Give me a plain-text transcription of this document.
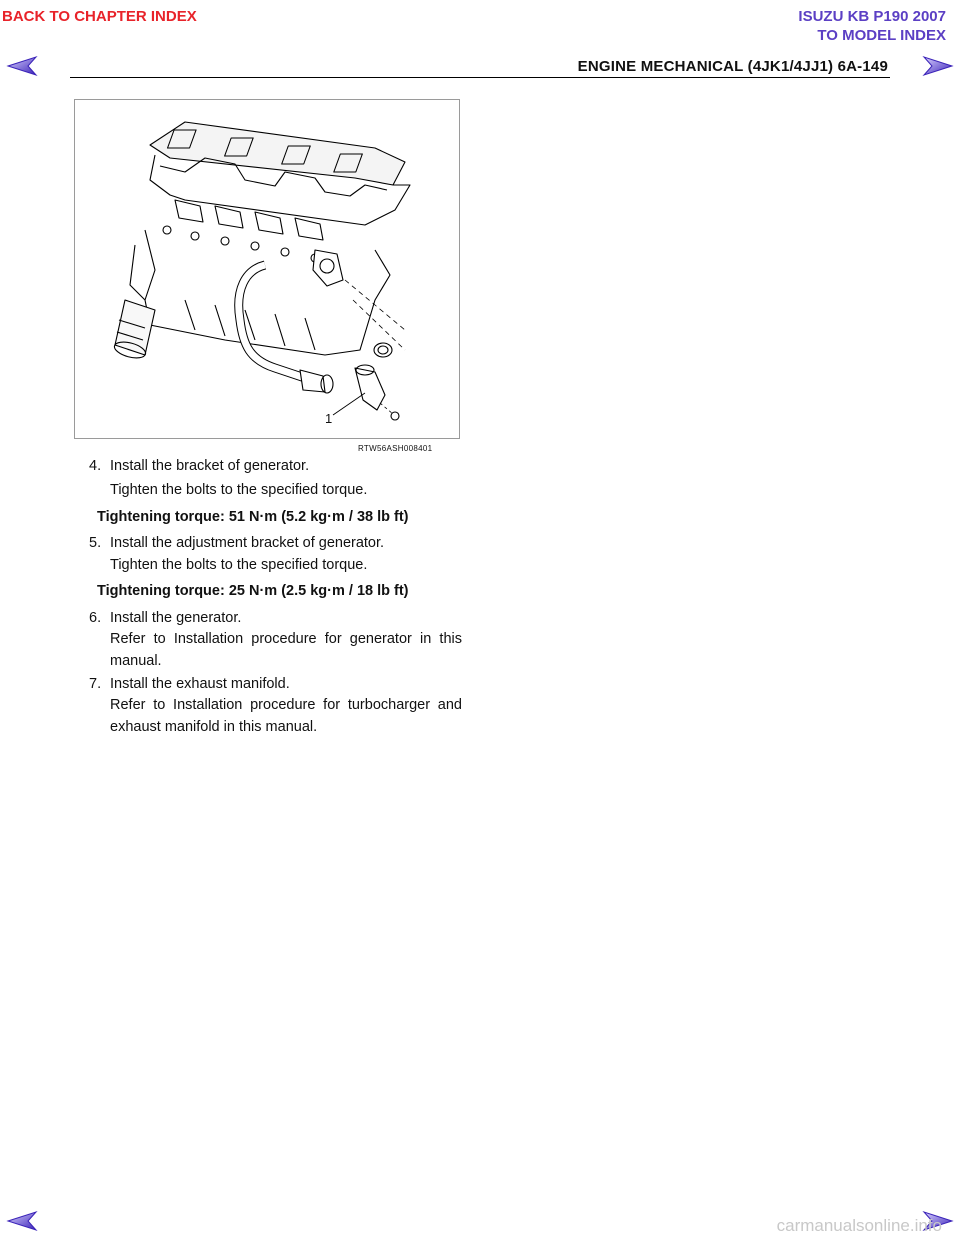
BACK TO CHAPTER INDEX	ISUZU KB P190 2007
TO MODEL INDEX
ENGINE MECHANICAL (4JK1/4JJ1) 6A-149
1
RTW56ASH008401
4. Install the bracket of generator.
Tighten the bolts to the specified torque.
Tightening torque: 51 N·m (5.2 kg·m / 38 lb ft)
5. Install the adjustment bracket of generator.
Tighten the bolts to the specified torque.
Tightening torque: 25 N·m (2.5 kg·m / 18 lb ft)
6. Install the generator.
Refer to Installation procedure for generator in this manual.
7. Install the exhaust manifold.
Refer to Installation procedure for turbocharger and exhaust manifold in this manual.
carmanualsonline.info
